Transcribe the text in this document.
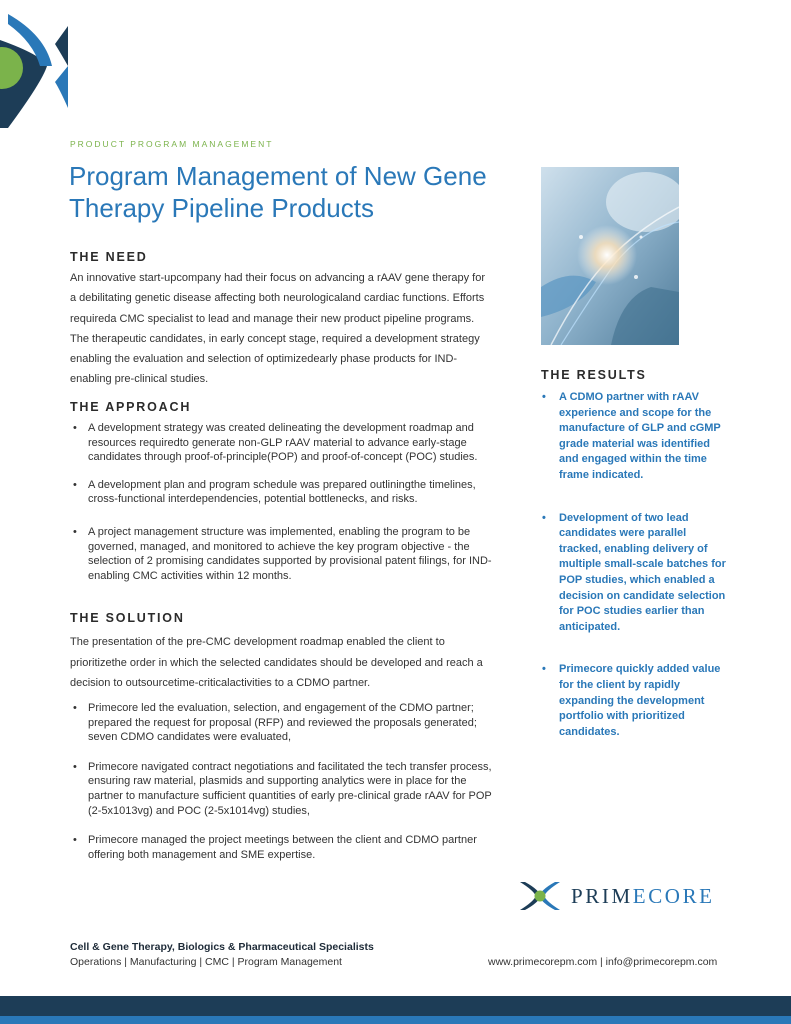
PRODUCT PROGRAM MANAGEMENT
Program Management of New Gene Therapy Pipeline Products
THE NEED
An innovative start-upcompany had their focus on advancing a rAAV gene therapy for a debilitating genetic disease affecting both neurologicaland cardiac functions. Efforts requireda CMC specialist to lead and manage their new product pipeline programs. The therapeutic candidates, in early concept stage, required a development strategy enabling the evaluation and selection of optimizedearly phase products for IND-enabling pre-clinical studies.
THE APPROACH
• A development strategy was created delineating the development roadmap and resources requiredto generate non-GLP rAAV material to advance early-stage candidates through proof-of-principle(POP) and proof-of-concept (POC) studies.
• A development plan and program schedule was prepared outliningthe timelines, cross-functional interdependencies, potential bottlenecks, and risks.
• A project management structure was implemented, enabling the program to be governed, managed, and monitored to achieve the key program objective - the selection of 2 promising candidates supported by provisional patent filings, for IND-enabling CMC activities within 12 months.
THE SOLUTION
The presentation of the pre-CMC development roadmap enabled the client to prioritizethe order in which the selected candidates should be developed and reach a decision to outsourcetime-criticalactivities to a CDMO partner.
• Primecore led the evaluation, selection, and engagement of the CDMO partner; prepared the request for proposal (RFP) and reviewed the proposals generated; seven CDMO candidates were evaluated,
• Primecore navigated contract negotiations and facilitated the tech transfer process, ensuring raw material, plasmids and supporting analytics were in place for the partner to manufacture sufficient quantities of early pre-clinical grade rAAV for POP (2-5x1013vg) and POC (2-5x1014vg) studies,
• Primecore managed the project meetings between the client and CDMO partner offering both management and SME expertise.
THE RESULTS
• A CDMO partner with rAAV experience and scope for the manufacture of GLP and cGMP grade material was identified and engaged within the time frame indicated.
• Development of two lead candidates were parallel tracked, enabling delivery of multiple small-scale batches for POP studies, which enabled a decision on candidate selection for POC studies earlier than anticipated.
• Primecore quickly added value for the client by rapidly expanding the development portfolio with prioritized candidates.
PRIMECORE
Cell & Gene Therapy, Biologics & Pharmaceutical Specialists
Operations | Manufacturing | CMC | Program Management	www.primecorepm.com | info@primecorepm.com
